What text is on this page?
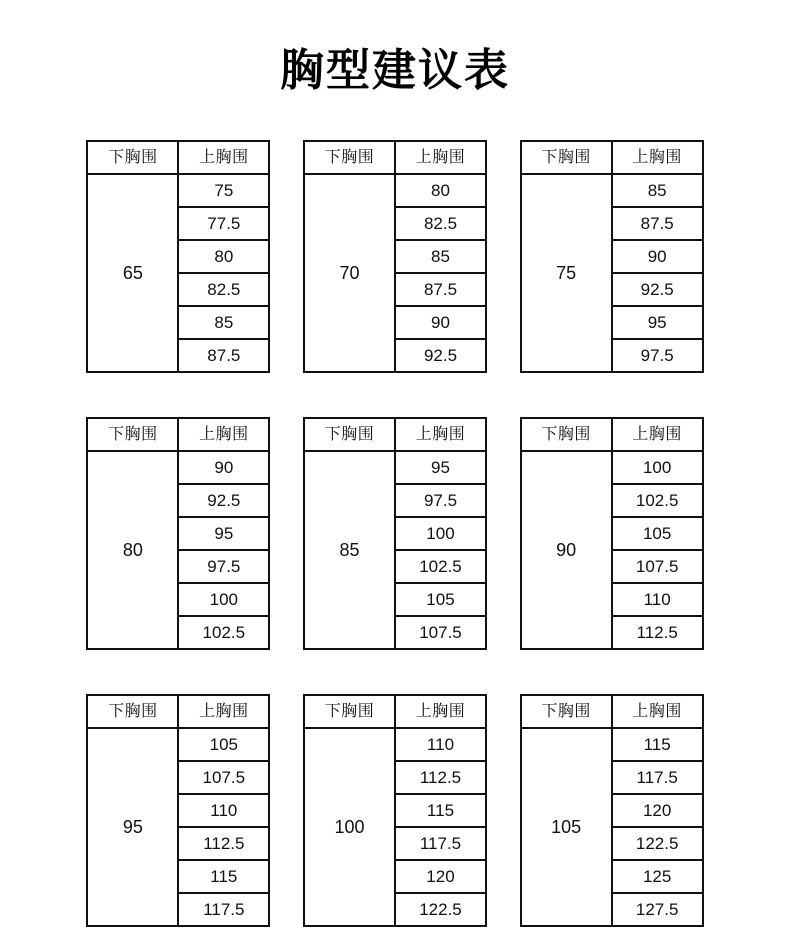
胸型建议表
下胸围	上胸围
65	75
	77.5
	80
	82.5
	85
	87.5
下胸围	上胸围
70	80
	82.5
	85
	87.5
	90
	92.5
下胸围	上胸围
75	85
	87.5
	90
	92.5
	95
	97.5
下胸围	上胸围
80	90
	92.5
	95
	97.5
	100
	102.5
下胸围	上胸围
85	95
	97.5
	100
	102.5
	105
	107.5
下胸围	上胸围
90	100
	102.5
	105
	107.5
	110
	112.5
下胸围	上胸围
95	105
	107.5
	110
	112.5
	115
	117.5
下胸围	上胸围
100	110
	112.5
	115
	117.5
	120
	122.5
下胸围	上胸围
105	115
	117.5
	120
	122.5
	125
	127.5
